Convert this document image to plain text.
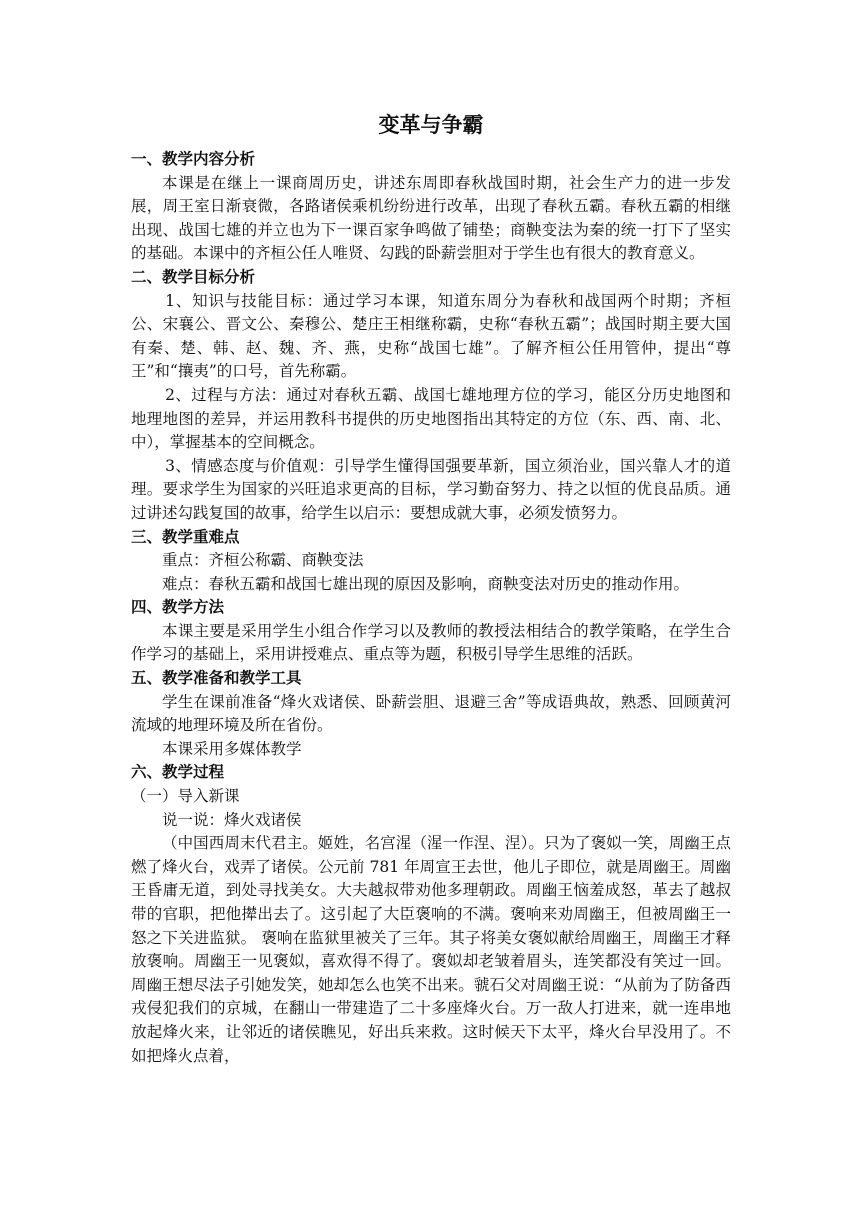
变革与争霸

一、教学内容分析

本课是在继上一课商周历史，讲述东周即春秋战国时期，社会生产力的进一步发展，周王室日渐衰微，各路诸侯乘机纷纷进行改革，出现了春秋五霸。春秋五霸的相继出现、战国七雄的并立也为下一课百家争鸣做了铺垫；商鞅变法为秦的统一打下了坚实的基础。本课中的齐桓公任人唯贤、勾践的卧薪尝胆对于学生也有很大的教育意义。

二、教学目标分析

1、知识与技能目标：通过学习本课，知道东周分为春秋和战国两个时期；齐桓公、宋襄公、晋文公、秦穆公、楚庄王相继称霸，史称“春秋五霸”；战国时期主要大国有秦、楚、韩、赵、魏、齐、燕，史称“战国七雄”。了解齐桓公任用管仲，提出“尊王”和“攘夷”的口号，首先称霸。

2、过程与方法：通过对春秋五霸、战国七雄地理方位的学习，能区分历史地图和地理地图的差异，并运用教科书提供的历史地图指出其特定的方位（东、西、南、北、中），掌握基本的空间概念。

3、情感态度与价值观：引导学生懂得国强要革新，国立须治业，国兴靠人才的道理。要求学生为国家的兴旺追求更高的目标，学习勤奋努力、持之以恒的优良品质。通过讲述勾践复国的故事，给学生以启示：要想成就大事，必须发愤努力。

三、教学重难点

重点：齐桓公称霸、商鞅变法

难点：春秋五霸和战国七雄出现的原因及影响，商鞅变法对历史的推动作用。

四、教学方法

本课主要是采用学生小组合作学习以及教师的教授法相结合的教学策略，在学生合作学习的基础上，采用讲授难点、重点等为题，积极引导学生思维的活跃。

五、教学准备和教学工具

学生在课前准备“烽火戏诸侯、卧薪尝胆、退避三舍”等成语典故，熟悉、回顾黄河流域的地理环境及所在省份。

本课采用多媒体教学

六、教学过程

（一）导入新课

说一说：烽火戏诸侯

（中国西周末代君主。姬姓，名宫湦（湦一作涅、涅）。只为了褒姒一笑，周幽王点燃了烽火台，戏弄了诸侯。公元前 781 年周宣王去世，他儿子即位，就是周幽王。周幽王昏庸无道，到处寻找美女。大夫越叔带劝他多理朝政。周幽王恼羞成怒，革去了越叔带的官职，把他撵出去了。这引起了大臣褒响的不满。褒响来劝周幽王，但被周幽王一怒之下关进监狱。 褒响在监狱里被关了三年。其子将美女褒姒献给周幽王，周幽王才释放褒响。周幽王一见褒姒，喜欢得不得了。褒姒却老皱着眉头，连笑都没有笑过一回。周幽王想尽法子引她发笑，她却怎么也笑不出来。虢石父对周幽王说：“从前为了防备西戎侵犯我们的京城，在翻山一带建造了二十多座烽火台。万一敌人打进来，就一连串地放起烽火来，让邻近的诸侯瞧见，好出兵来救。这时候天下太平，烽火台早没用了。不如把烽火点着，
